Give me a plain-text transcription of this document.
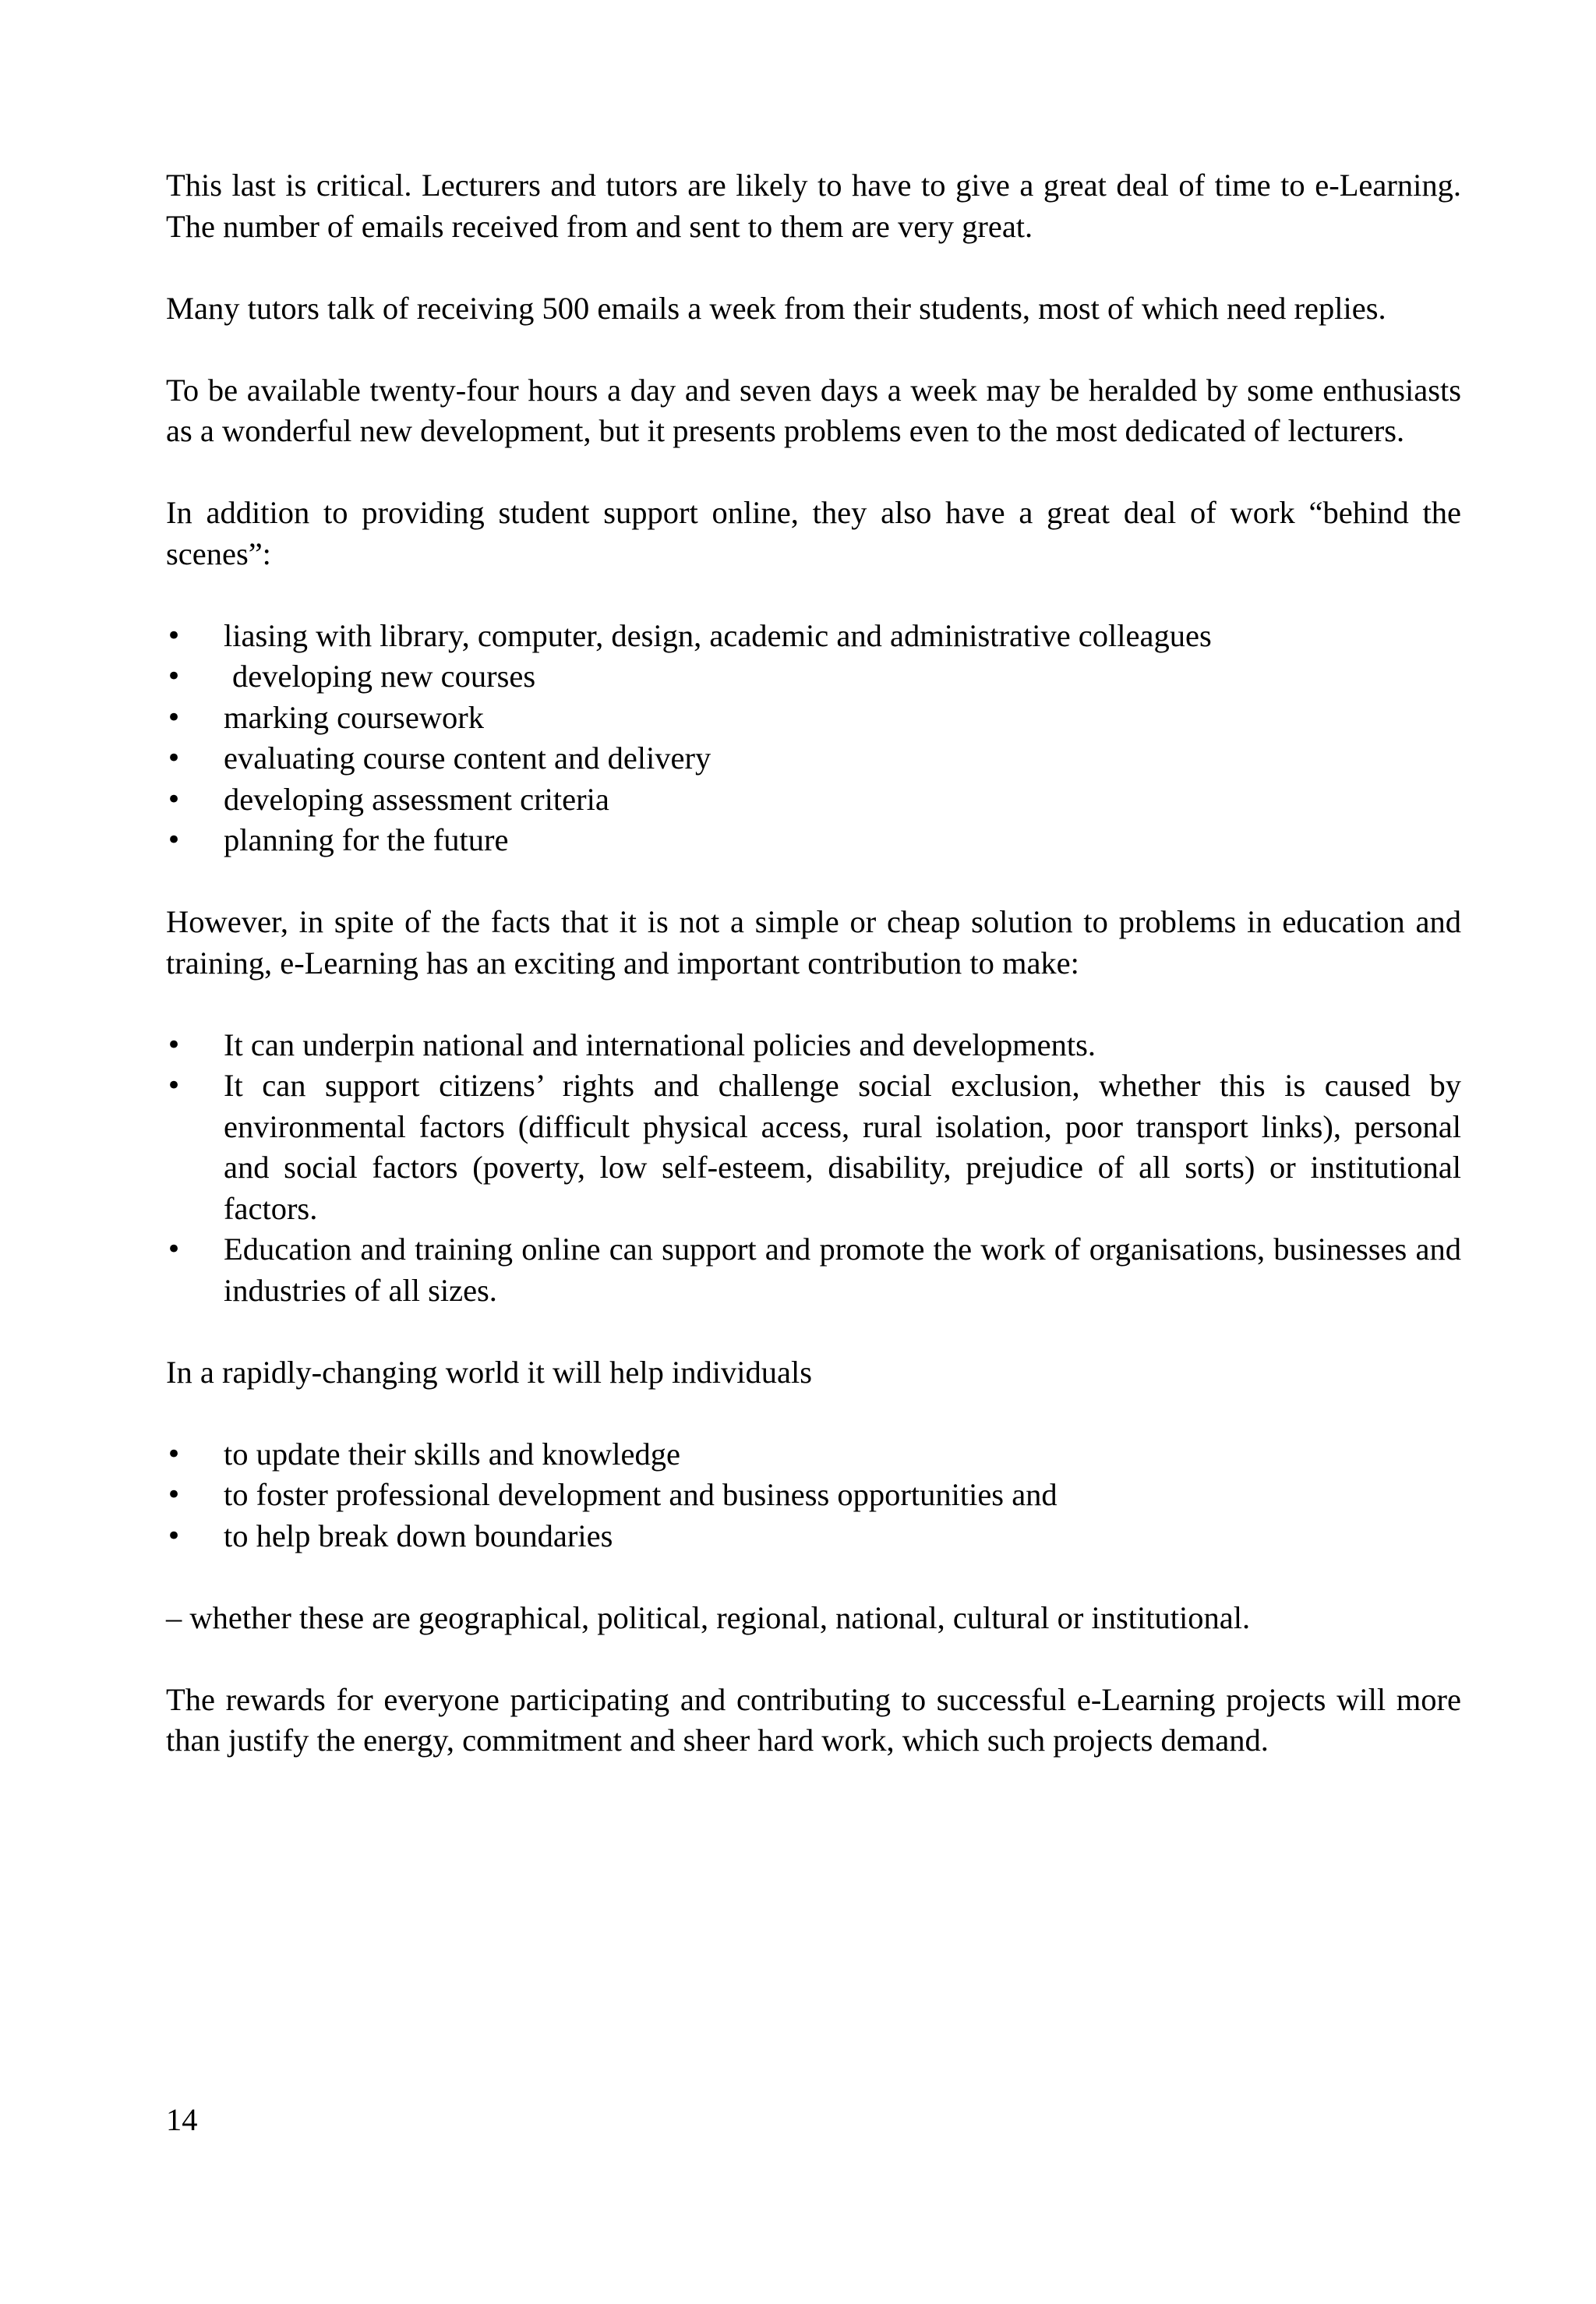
This last is critical. Lecturers and tutors are likely to have to give a great deal of time to e-Learning. The number of emails received from and sent to them are very great.

Many tutors talk of receiving 500 emails a week from their students, most of which need replies.

To be available twenty-four hours a day and seven days a week may be heralded by some enthusiasts as a wonderful new development, but it presents problems even to the most dedicated of lecturers.

In addition to providing student support online, they also have a great deal of work “behind the scenes”:

• liasing with library, computer, design, academic and administrative colleagues
• developing new courses
• marking coursework
• evaluating course content and delivery
• developing assessment criteria
• planning for the future

However, in spite of the facts that it is not a simple or cheap solution to problems in education and training, e-Learning has an exciting and important contribution to make:

• It can underpin national and international policies and developments.
• It can support citizens’ rights and challenge social exclusion, whether this is caused by environmental factors (difficult physical access, rural isolation, poor transport links), personal and social factors (poverty, low self-esteem, disability, prejudice of all sorts) or institutional factors.
• Education and training online can support and promote the work of organisations, businesses and industries of all sizes.

In a rapidly-changing world it will help individuals

• to update their skills and knowledge
• to foster professional development and business opportunities and
• to help break down boundaries

– whether these are geographical, political, regional, national, cultural or institutional.

The rewards for everyone participating and contributing to successful e-Learning projects will more than justify the energy, commitment and sheer hard work, which such projects demand.

14
